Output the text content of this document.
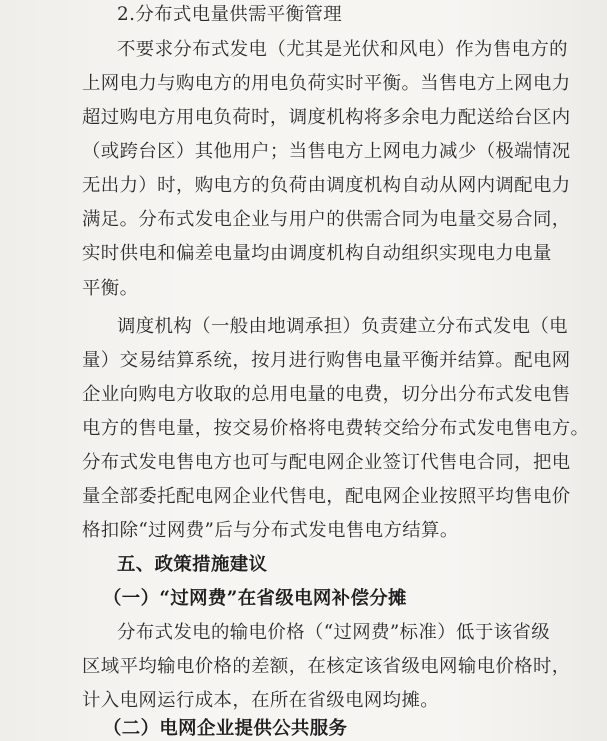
2.分布式电量供需平衡管理
不要求分布式发电（尤其是光伏和风电）作为售电方的
上网电力与购电方的用电负荷实时平衡。当售电方上网电力
超过购电方用电负荷时，调度机构将多余电力配送给台区内
（或跨台区）其他用户；当售电方上网电力减少（极端情况
无出力）时，购电方的负荷由调度机构自动从网内调配电力
满足。分布式发电企业与用户的供需合同为电量交易合同，
实时供电和偏差电量均由调度机构自动组织实现电力电量
平衡。
调度机构（一般由地调承担）负责建立分布式发电（电
量）交易结算系统，按月进行购售电量平衡并结算。配电网
企业向购电方收取的总用电量的电费，切分出分布式发电售
电方的售电量，按交易价格将电费转交给分布式发电售电方。
分布式发电售电方也可与配电网企业签订代售电合同，把电
量全部委托配电网企业代售电，配电网企业按照平均售电价
格扣除“过网费”后与分布式发电售电方结算。
五、政策措施建议
（一）“过网费”在省级电网补偿分摊
分布式发电的输电价格（“过网费”标准）低于该省级
区域平均输电价格的差额，在核定该省级电网输电价格时，
计入电网运行成本，在所在省级电网均摊。
（二）电网企业提供公共服务
